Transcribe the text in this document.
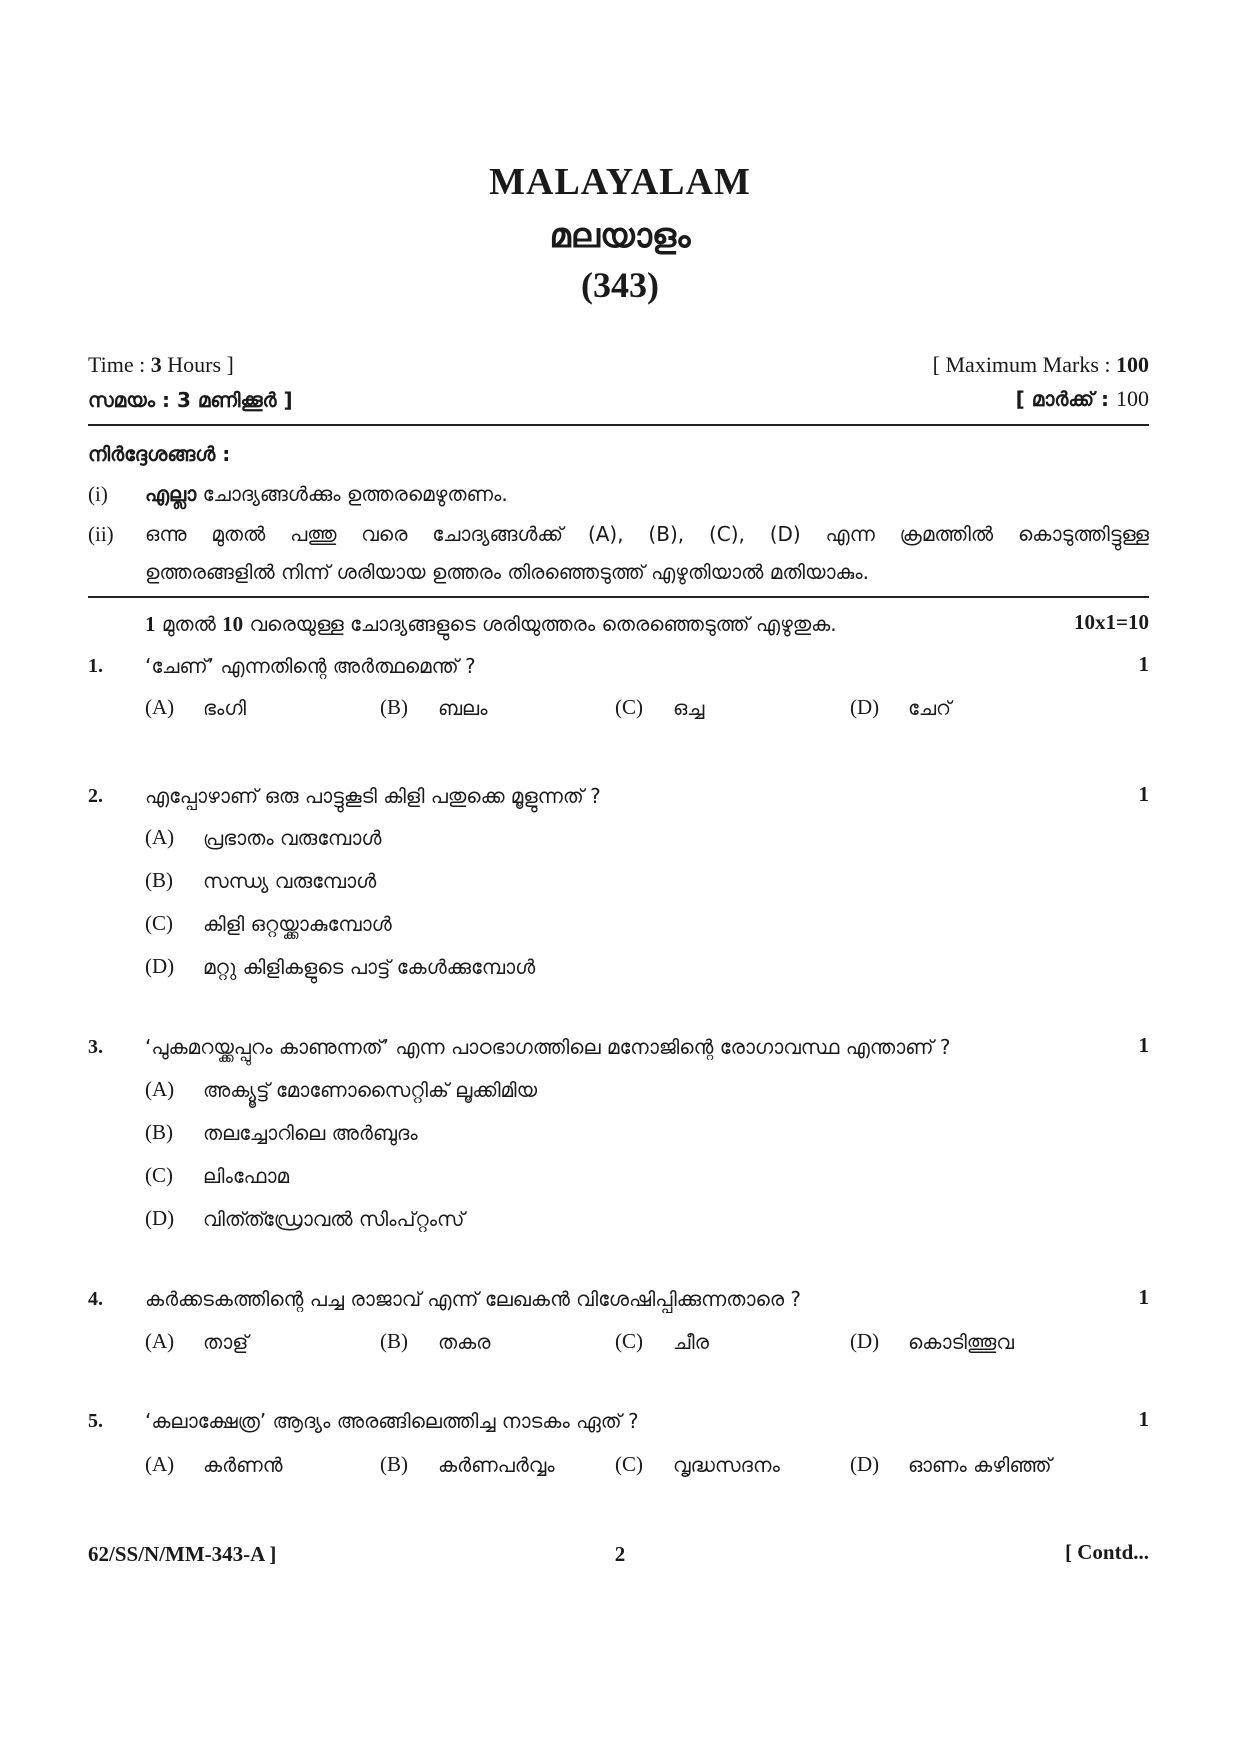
MALAYALAM
മലയാളം
(343)
Time : 3 Hours ]	[ Maximum Marks : 100
സമയം : 3 മണിക്കൂർ ]	[ മാർക്ക് : 100
നിർദ്ദേശങ്ങൾ :
(i) എല്ലാ ചോദ്യങ്ങൾക്കും ഉത്തരമെഴുതണം.
(ii) ഒന്നു മുതൽ പത്തു വരെ ചോദ്യങ്ങൾക്ക് (A), (B), (C), (D) എന്ന ക്രമത്തിൽ കൊടുത്തിട്ടുള്ള
ഉത്തരങ്ങളിൽ നിന്ന് ശരിയായ ഉത്തരം തിരഞ്ഞെടുത്ത് എഴുതിയാൽ മതിയാകും.
1 മുതൽ 10 വരെയുള്ള ചോദ്യങ്ങളുടെ ശരിയുത്തരം തെരഞ്ഞെടുത്ത് എഴുതുക.	10x1=10
1. ‘ചേണ്’ എന്നതിന്റെ അർത്ഥമെന്ത് ?	1
(A) ഭംഗി	(B) ബലം	(C) ഒച്ച	(D) ചേറ്
2. എപ്പോഴാണ് ഒരു പാട്ടുകൂടി കിളി പതുക്കെ മൂളുന്നത് ?	1
(A) പ്രഭാതം വരുമ്പോൾ
(B) സന്ധ്യ വരുമ്പോൾ
(C) കിളി ഒറ്റയ്ക്കാകുമ്പോൾ
(D) മറ്റു കിളികളുടെ പാട്ട് കേൾക്കുമ്പോൾ
3. ‘പുകമറയ്ക്കപ്പുറം കാണുന്നത്’ എന്ന പാഠഭാഗത്തിലെ മനോജിന്റെ രോഗാവസ്ഥ എന്താണ് ?	1
(A) അക്യൂട്ട് മോണോസൈറ്റിക് ലൂക്കിമിയ
(B) തലച്ചോറിലെ അർബുദം
(C) ലിംഫോമ
(D) വിത്ത്ഡ്രോവൽ സിംപ്റ്റംസ്
4. കർക്കടകത്തിന്റെ പച്ച രാജാവ് എന്ന് ലേഖകൻ വിശേഷിപ്പിക്കുന്നതാരെ ?	1
(A) താള്	(B) തകര	(C) ചീര	(D) കൊടിത്തൂവ
5. ‘കലാക്ഷേത്ര’ ആദ്യം അരങ്ങിലെത്തിച്ച നാടകം ഏത് ?	1
(A) കർണൻ	(B) കർണപർവ്വം	(C) വൃദ്ധസദനം	(D) ഓണം കഴിഞ്ഞ്
62/SS/N/MM-343-A ]	2	[ Contd...
